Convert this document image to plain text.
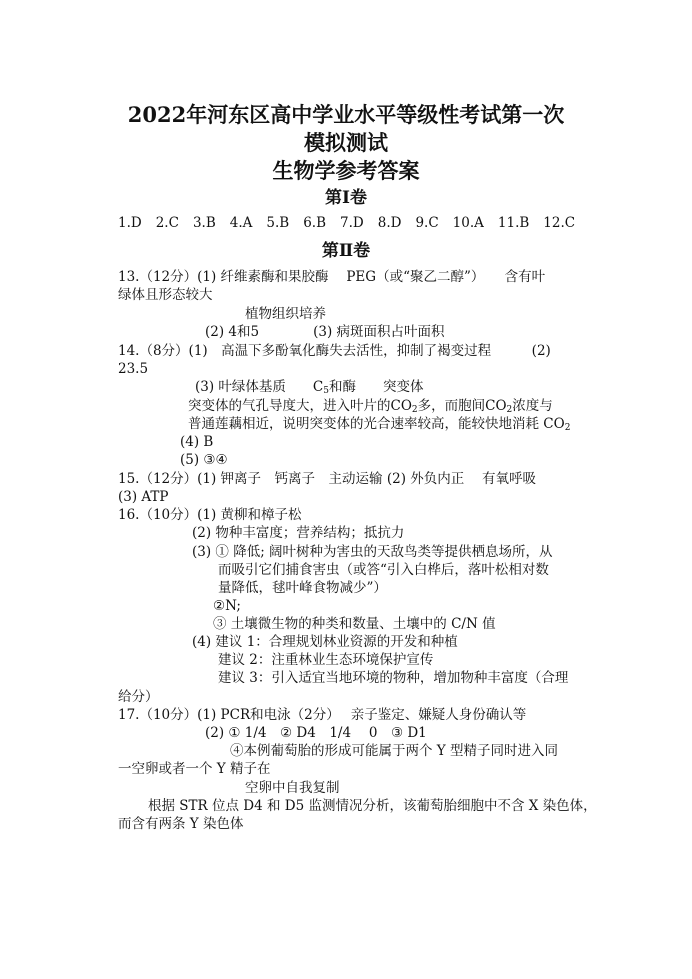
2022年河东区高中学业水平等级性考试第一次
模拟测试
生物学参考答案
第Ⅰ卷
1.D 2.C 3.B 4.A 5.B 6.B 7.D 8.D 9.C 10.A 11.B 12.C
第Ⅱ卷
13.（12分）(1) 纤维素酶和果胶酶　 PEG（或“聚乙二醇”）　　含有叶
绿体且形态较大
植物组织培养
(2) 4和5　　　　(3) 病斑面积占叶面积
14.（8分）(1)　高温下多酚氧化酶失去活性，抑制了褐变过程　　　(2)
23.5
(3) 叶绿体基质　　$C_5$和酶　　突变体
突变体的气孔导度大，进入叶片的$CO_2$多，而胞间$CO_2$浓度与
普通莲藕相近，说明突变体的光合速率较高，能较快地消耗 $CO_2$
(4) B
(5) ③④
15.（12分）(1) 钾离子　钙离子　主动运输 (2) 外负内正　 有氧呼吸
(3) ATP
16.（10分）(1) 黄柳和樟子松
(2) 物种丰富度；营养结构；抵抗力
(3) ① 降低; 阔叶树种为害虫的天敌鸟类等提供栖息场所，从
而吸引它们捕食害虫（或答“引入白桦后，落叶松相对数
量降低，毬叶峰食物减少”）
②N;
③ 土壤微生物的种类和数量、土壤中的 C/N 值
(4) 建议 1：合理规划林业资源的开发和种植
建议 2：注重林业生态环境保护宣传
建议 3：引入适宜当地环境的物种，增加物种丰富度（合理
给分）
17.（10分）(1) PCR和电泳（2分）　 亲子鉴定、嫌疑人身份确认等
(2) ① 1/4　② D4　1/4　 0　③ D1
④本例葡萄胎的形成可能属于两个 Y 型精子同时进入同
一空卵或者一个 Y 精子在
空卵中自我复制
根据 STR 位点 D4 和 D5 监测情况分析，该葡萄胎细胞中不含 X 染色体，
而含有两条 Y 染色体
